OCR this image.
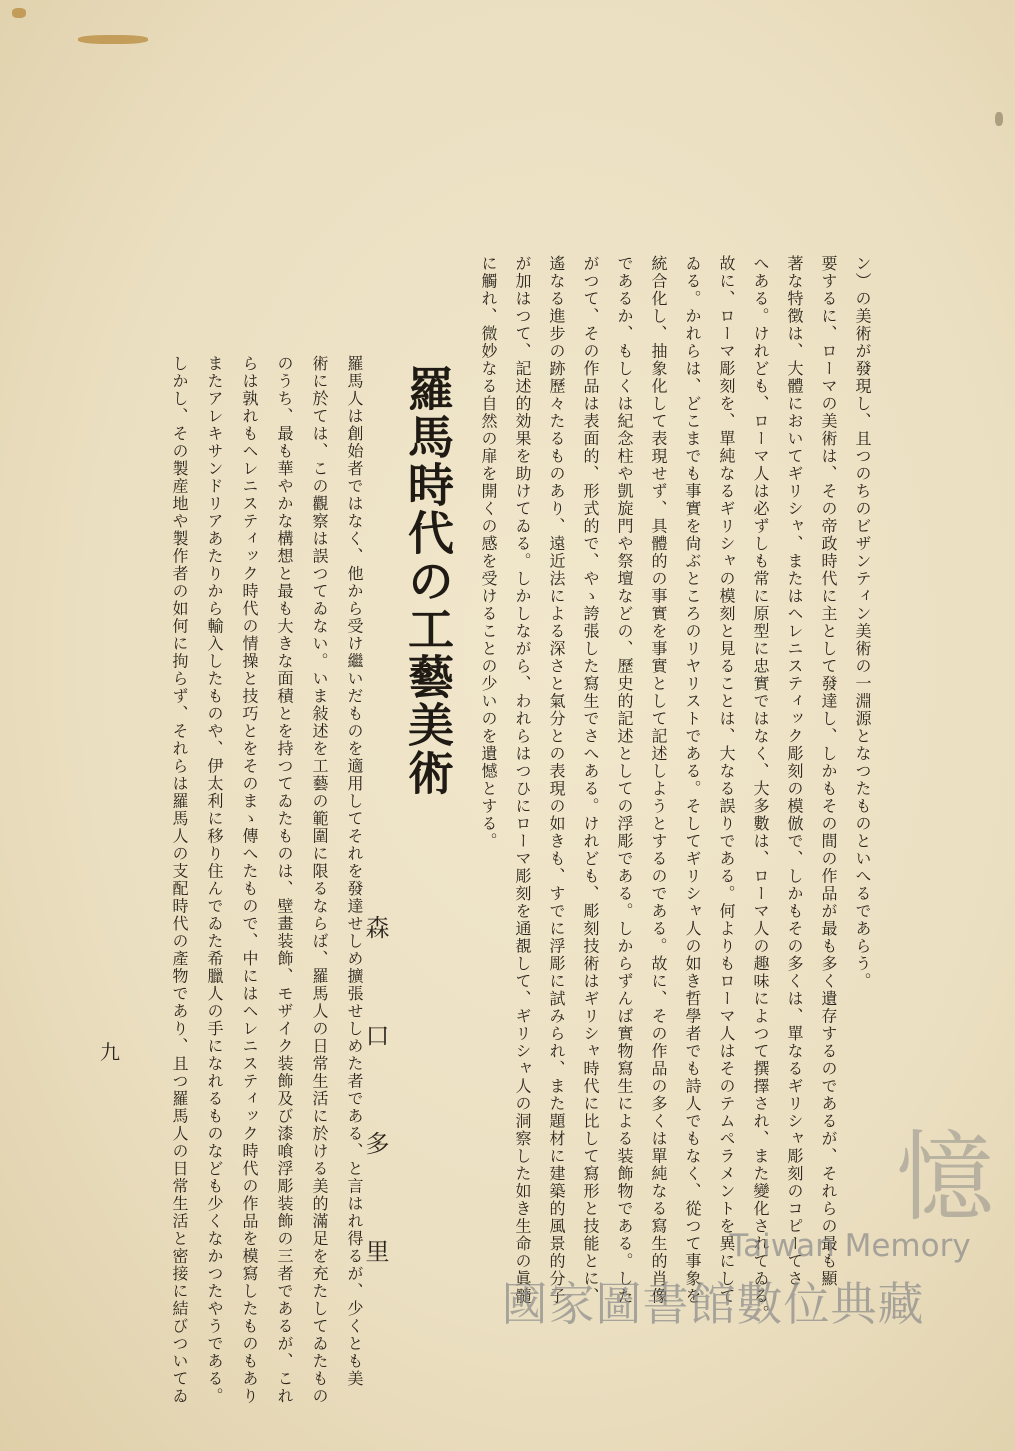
ン）の美術が發現し、且つのちのビザンティン美術の一淵源となつたものといへるであらう。
要するに、ローマの美術は、その帝政時代に主として發達し、しかもその間の作品が最も多く遺存するのであるが、それらの最も顯
著な特徴は、大體においてギリシャ、またはヘレニスティック彫刻の模倣で、しかもその多くは、單なるギリシャ彫刻のコピーてさ
へある。けれども、ローマ人は必ずしも常に原型に忠實ではなく、大多數は、ローマ人の趣味によつて撰擇され、また變化されてゐる。
故に、ローマ彫刻を、單純なるギリシャの模刻と見ることは、大なる誤りである。何よりもローマ人はそのテムペラメントを異にして
ゐる。かれらは、どこまでも事實を尙ぶところのリヤリストである。そしてギリシャ人の如き哲學者でも詩人でもなく、從つて事象を
統合化し、抽象化して表現せず、具體的の事實を事實として記述しようとするのである。故に、その作品の多くは單純なる寫生的肖像
であるか、もしくは紀念柱や凱旋門や祭壇などの、歷史的記述としての浮彫である。しからずんば實物寫生による装飾物である。した
がつて、その作品は表面的、形式的で、やゝ誇張した寫生でさへある。けれども、彫刻技術はギリシャ時代に比して寫形と技能とに、
遙なる進步の跡歷々たるものあり、遠近法による深さと氣分との表現の如きも、すでに浮彫に試みられ、また題材に建築的風景的分子
が加はつて、記述的効果を助けてゐる。しかしながら、われらはつひにローマ彫刻を通覩して、ギリシャ人の洞察した如き生命の眞髓
に觸れ、微妙なる自然の扉を開くの感を受けることの少いのを遺憾とする。
羅馬時代の工藝美術
森　口　多　里
羅馬人は創始者ではなく、他から受け繼いだものを適用してそれを發達せしめ擴張せしめた者である、と言はれ得るが、少くとも美
術に於ては、この觀察は誤つてゐない。いま敍述を工藝の範圍に限るならば、羅馬人の日常生活に於ける美的滿足を充たしてゐたもの
のうち、最も華やかな構想と最も大きな面積とを持つてゐたものは、壁畫装飾、モザイク装飾及び漆喰浮彫装飾の三者であるが、これ
らは孰れもヘレニスティック時代の情操と技巧とをそのまゝ傳へたもので、中にはヘレニスティック時代の作品を模寫したものもあり
またアレキサンドリアあたりから輸入したものや、伊太利に移り住んでゐた希臘人の手になれるものなども少くなかつたやうである。
しかし、その製産地や製作者の如何に拘らず、それらは羅馬人の支配時代の產物であり、且つ羅馬人の日常生活と密接に結びついてゐ
九
憶
Taiwan Memory
國家圖書館數位典藏
